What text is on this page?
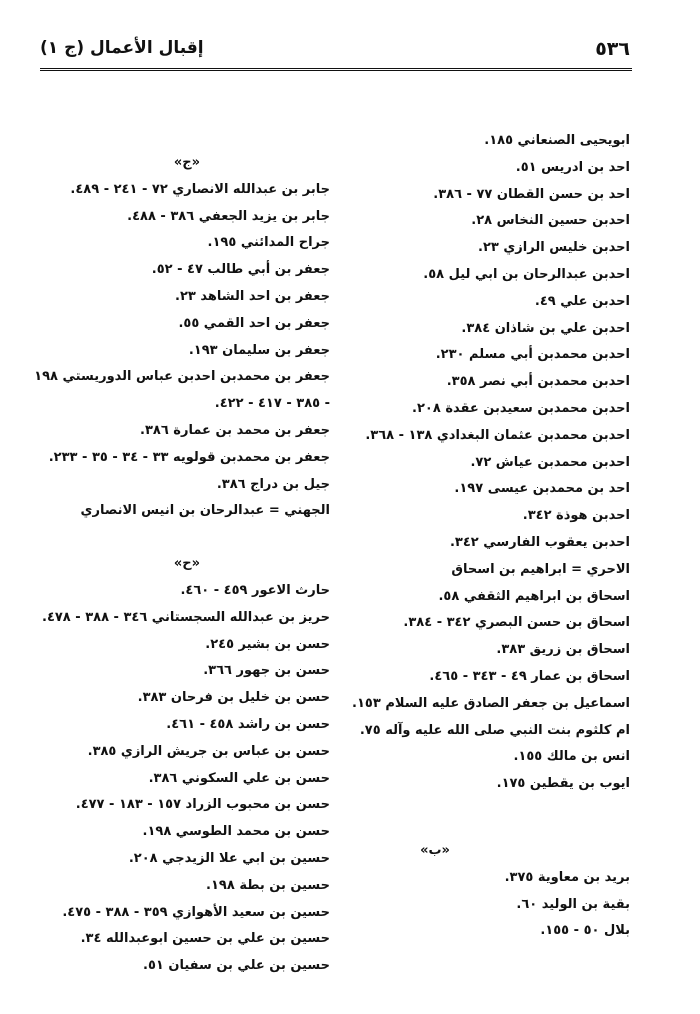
٥٣٦
إقبال الأعمال (ج ١)
ابويحيى الصنعاني ١٨٥.
احد بن ادريس ٥١.
احد بن حسن القطان ٧٧ - ٣٨٦.
احدبن حسين النخاس ٢٨.
احدبن خليس الرازي ٢٣.
احدبن عبدالرحان بن ابي ليل ٥٨.
احدبن علي ٤٩.
احدبن علي بن شاذان ٣٨٤.
احدبن محمدبن أبي مسلم ٢٣٠.
احدبن محمدبن أبي نصر ٣٥٨.
احدبن محمدبن سعيدبن عقدة ٢٠٨.
احدبن محمدبن عثمان البغدادي ١٣٨ - ٣٦٨.
احدبن محمدبن عياش ٧٢.
احد بن محمدبن عيسى ١٩٧.
احدبن هوذة ٣٤٢.
احدبن يعقوب الفارسي ٣٤٢.
الاحري = ابراهيم بن اسحاق
اسحاق بن ابراهيم الثقفي ٥٨.
اسحاق بن حسن البصري ٣٤٢ - ٣٨٤.
اسحاق بن زريق ٣٨٣.
اسحاق بن عمار ٤٩ - ٣٤٣ - ٤٦٥.
اسماعيل بن جعفر الصادق عليه السلام ١٥٣.
ام كلثوم بنت النبي صلى الله عليه وآله ٧٥.
انس بن مالك ١٥٥.
ايوب بن يقطين ١٧٥.
«ب»
بريد بن معاوية ٣٧٥.
بقية بن الوليد ٦٠.
بلال ٥٠ - ١٥٥.
«ج»
جابر بن عبدالله الانصاري ٧٢ - ٢٤١ - ٤٨٩.
جابر بن يزيد الجعفي ٣٨٦ - ٤٨٨.
جراح المدائني ١٩٥.
جعفر بن أبي طالب ٤٧ - ٥٢.
جعفر بن احد الشاهد ٢٣.
جعفر بن احد القمي ٥٥.
جعفر بن سليمان ١٩٣.
جعفر بن محمدبن احدبن عباس الدوريستي ١٩٨
- ٣٨٥ - ٤١٧ - ٤٢٢.
جعفر بن محمد بن عمارة ٣٨٦.
جعفر بن محمدبن قولويه ٣٣ - ٣٤ - ٣٥ - ٢٣٣.
جيل بن دراج ٣٨٦.
الجهني = عبدالرحان بن انيس الانصاري
«ح»
حارث الاعور ٤٥٩ - ٤٦٠.
حريز بن عبدالله السجستاني ٣٤٦ - ٣٨٨ - ٤٧٨.
حسن بن بشير ٢٤٥.
حسن بن جهور ٣٦٦.
حسن بن خليل بن فرحان ٣٨٣.
حسن بن راشد ٤٥٨ - ٤٦١.
حسن بن عباس بن جريش الرازي ٣٨٥.
حسن بن علي السكوني ٣٨٦.
حسن بن محبوب الزراد ١٥٧ - ١٨٣ - ٤٧٧.
حسن بن محمد الطوسي ١٩٨.
حسين بن ابي علا الزيدجي ٢٠٨.
حسين بن بطة ١٩٨.
حسين بن سعيد الأهوازي ٣٥٩ - ٣٨٨ - ٤٧٥.
حسين بن علي بن حسين ابوعبدالله ٣٤.
حسين بن علي بن سفيان ٥١.
